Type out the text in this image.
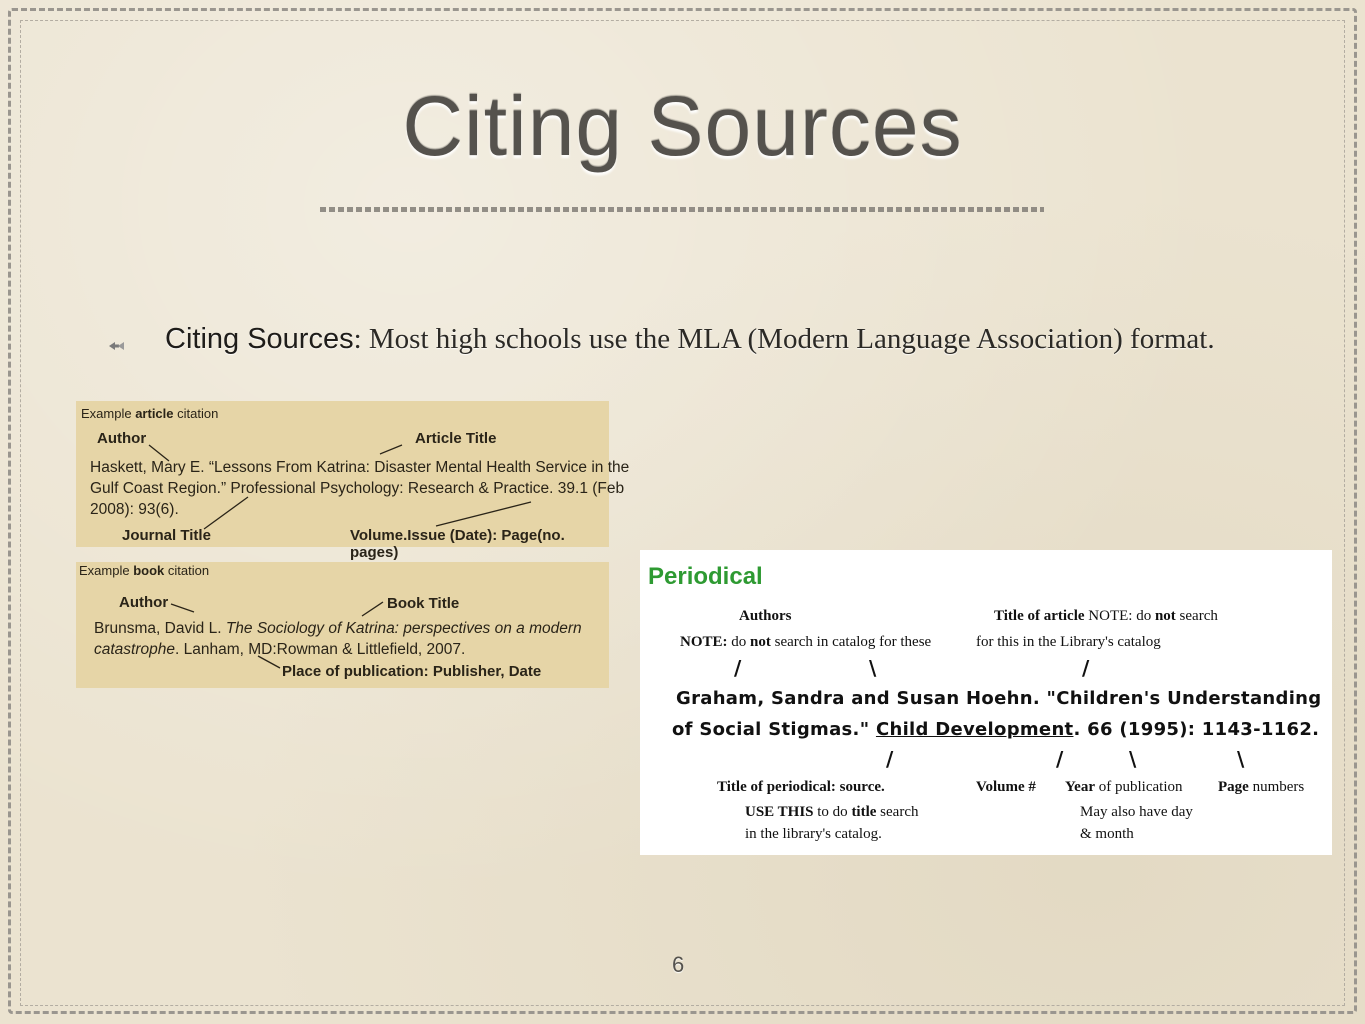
Citing Sources
Citing Sources: Most high schools use the MLA (Modern Language Association) format.
Example article citation
Author	Article Title
Haskett, Mary E. “Lessons From Katrina: Disaster Mental Health Service in the
Gulf Coast Region.” Professional Psychology: Research & Practice. 39.1 (Feb
2008): 93(6).
Journal Title	Volume.Issue (Date): Page(no. pages)
Example book citation
Author	Book Title
Brunsma, David L. The Sociology of Katrina: perspectives on a modern
catastrophe. Lanham, MD:Rowman & Littlefield, 2007.
Place of publication: Publisher, Date
Periodical
Authors
NOTE: do not search in catalog for these
Title of article NOTE: do not search
for this in the Library's catalog
/	\	/
Graham, Sandra and Susan Hoehn. "Children's Understanding
of Social Stigmas." Child Development. 66 (1995): 1143-1162.
/	/	\	\
Title of periodical: source.
USE THIS to do title search
in the library's catalog.
Volume # Year of publication
May also have day
& month
Page numbers
6
